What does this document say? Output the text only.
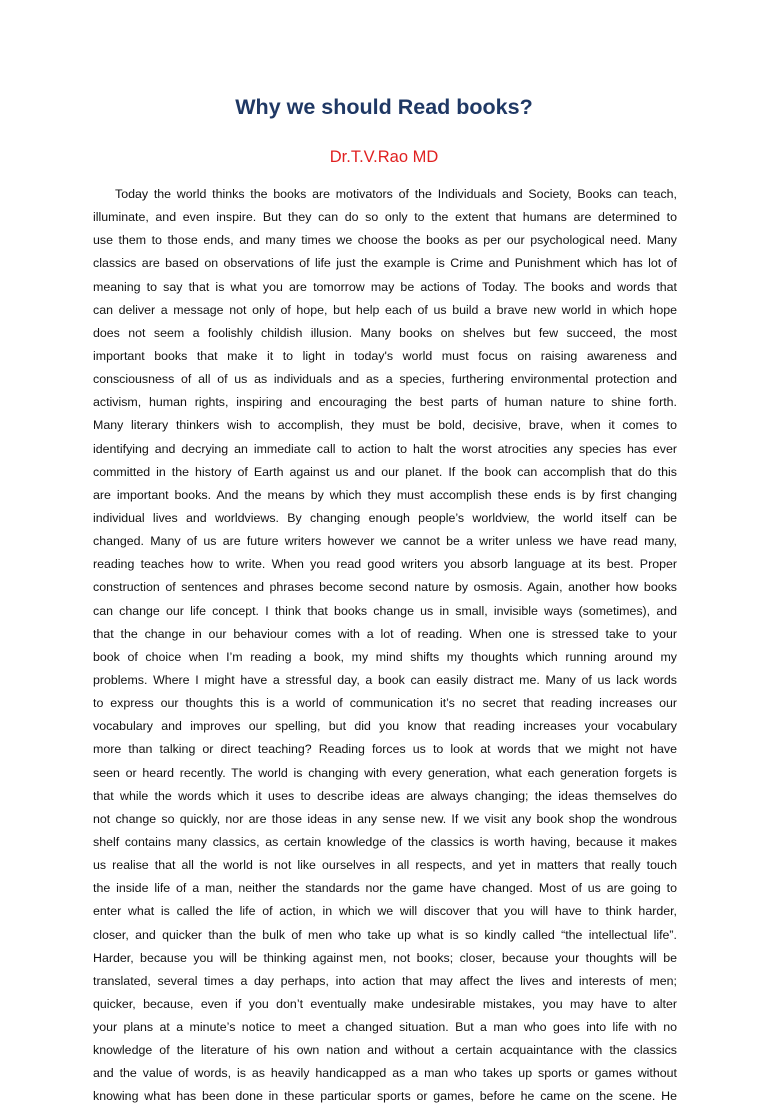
Why we should Read books?
Dr.T.V.Rao MD
Today the world thinks the books are motivators of the Individuals and Society, Books can teach,
illuminate, and even inspire. But they can do so only to the extent that humans are determined to
use them to those ends, and many times we choose the books as per our psychological need. Many
classics are based on observations of life just the example is Crime and Punishment which has lot of
meaning to say that is what you are tomorrow may be actions of Today. The books and words that
can deliver a message not only of hope, but help each of us build a brave new world in which hope
does not seem a foolishly childish illusion. Many books on shelves but few succeed, the most
important books that make it to light in today's world must focus on raising awareness and
consciousness of all of us as individuals and as a species, furthering environmental protection and
activism, human rights, inspiring and encouraging the best parts of human nature to shine forth.
Many literary thinkers wish to accomplish, they must be bold, decisive, brave, when it comes to
identifying and decrying an immediate call to action to halt the worst atrocities any species has ever
committed in the history of Earth against us and our planet. If the book can accomplish that do this
are important books. And the means by which they must accomplish these ends is by first changing
individual lives and worldviews. By changing enough people’s worldview, the world itself can be
changed. Many of us are future writers however we cannot be a writer unless we have read many,
reading teaches how to write. When you read good writers you absorb language at its best. Proper
construction of sentences and phrases become second nature by osmosis. Again, another how books
can change our life concept. I think that books change us in small, invisible ways (sometimes), and
that the change in our behaviour comes with a lot of reading. When one is stressed take to your
book of choice when I’m reading a book, my mind shifts my thoughts which running around my
problems. Where I might have a stressful day, a book can easily distract me. Many of us lack words
to express our thoughts this is a world of communication it’s no secret that reading increases our
vocabulary and improves our spelling, but did you know that reading increases your vocabulary
more than talking or direct teaching? Reading forces us to look at words that we might not have
seen or heard recently. The world is changing with every generation, what each generation forgets is
that while the words which it uses to describe ideas are always changing; the ideas themselves do
not change so quickly, nor are those ideas in any sense new. If we visit any book shop the wondrous
shelf contains many classics, as certain knowledge of the classics is worth having, because it makes
us realise that all the world is not like ourselves in all respects, and yet in matters that really touch
the inside life of a man, neither the standards nor the game have changed. Most of us are going to
enter what is called the life of action, in which we will discover that you will have to think harder,
closer, and quicker than the bulk of men who take up what is so kindly called “the intellectual life”.
Harder, because you will be thinking against men, not books; closer, because your thoughts will be
translated, several times a day perhaps, into action that may affect the lives and interests of men;
quicker, because, even if you don’t eventually make undesirable mistakes, you may have to alter
your plans at a minute’s notice to meet a changed situation. But a man who goes into life with no
knowledge of the literature of his own nation and without a certain acquaintance with the classics
and the value of words, is as heavily handicapped as a man who takes up sports or games without
knowing what has been done in these particular sports or games, before he came on the scene. He
